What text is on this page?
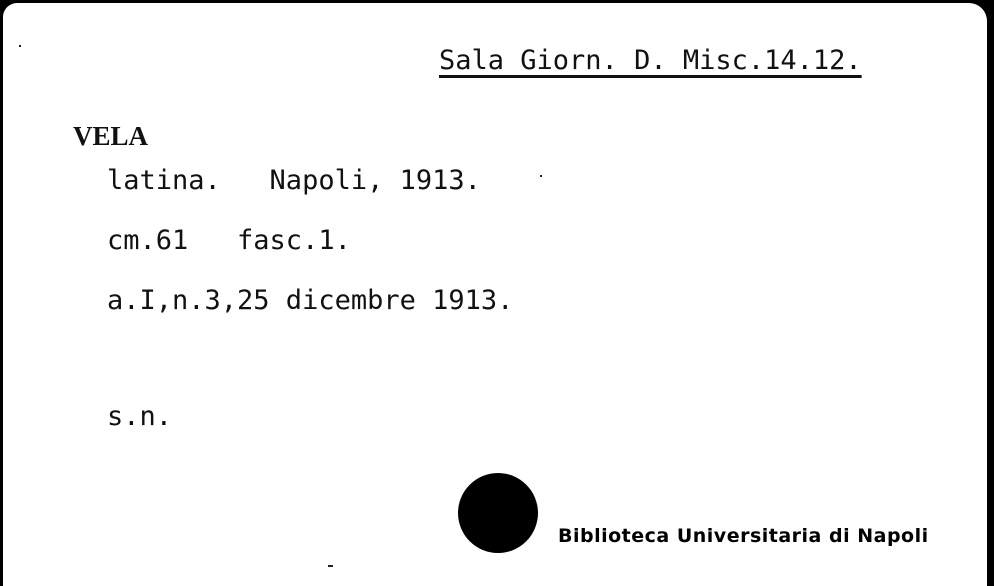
Sala Giorn. D. Misc.14.12.
VELA
latina.   Napoli, 1913.
cm.61   fasc.1.
a.I,n.3,25 dicembre 1913.
s.n.
Biblioteca Universitaria di Napoli
